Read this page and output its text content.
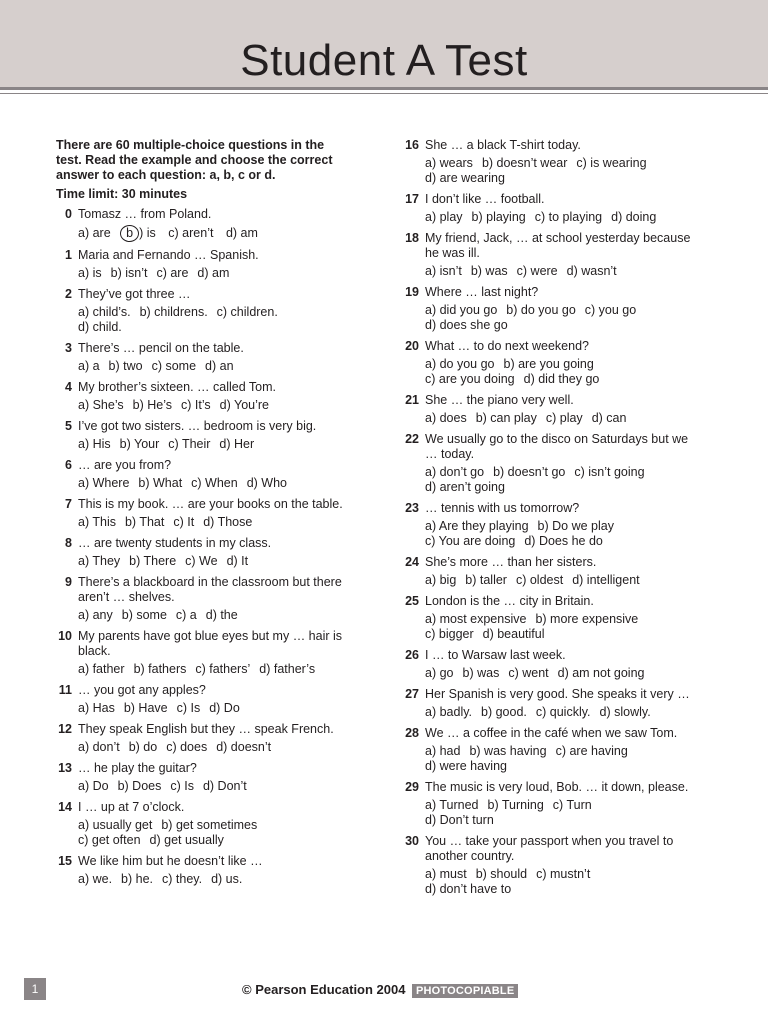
Student A Test

There are 60 multiple-choice questions in the test. Read the example and choose the correct answer to each question: a, b, c or d.

Time limit: 30 minutes

0 Tomasz … from Poland.
a) are b ) is c) aren’t d) am
1 Maria and Fernando … Spanish.
a) is b) isn’t c) are d) am
2 They’ve got three …
a) child’s. b) childrens. c) children.
d) child.
3 There’s … pencil on the table.
a) a b) two c) some d) an
4 My brother’s sixteen. … called Tom.
a) She’s b) He’s c) It’s d) You’re
5 I’ve got two sisters. … bedroom is very big.
a) His b) Your c) Their d) Her
6 … are you from?
a) Where b) What c) When d) Who
7 This is my book. … are your books on the table.
a) This b) That c) It d) Those
8 … are twenty students in my class.
a) They b) There c) We d) It
9 There’s a blackboard in the classroom but there aren’t … shelves.
a) any b) some c) a d) the
10 My parents have got blue eyes but my … hair is black.
a) father b) fathers c) fathers’ d) father’s
11 … you got any apples?
a) Has b) Have c) Is d) Do
12 They speak English but they … speak French.
a) don’t b) do c) does d) doesn’t
13 … he play the guitar?
a) Do b) Does c) Is d) Don’t
14 I … up at 7 o’clock.
a) usually get b) get sometimes
c) get often d) get usually
15 We like him but he doesn’t like …
a) we. b) he. c) they. d) us.
16 She … a black T-shirt today.
a) wears b) doesn’t wear c) is wearing
d) are wearing
17 I don’t like … football.
a) play b) playing c) to playing d) doing
18 My friend, Jack, … at school yesterday because he was ill.
a) isn’t b) was c) were d) wasn’t
19 Where … last night?
a) did you go b) do you go c) you go
d) does she go
20 What … to do next weekend?
a) do you go b) are you going
c) are you doing d) did they go
21 She … the piano very well.
a) does b) can play c) play d) can
22 We usually go to the disco on Saturdays but we … today.
a) don’t go b) doesn’t go c) isn’t going
d) aren’t going
23 … tennis with us tomorrow?
a) Are they playing b) Do we play
c) You are doing d) Does he do
24 She’s more … than her sisters.
a) big b) taller c) oldest d) intelligent
25 London is the … city in Britain.
a) most expensive b) more expensive
c) bigger d) beautiful
26 I … to Warsaw last week.
a) go b) was c) went d) am not going
27 Her Spanish is very good. She speaks it very …
a) badly. b) good. c) quickly. d) slowly.
28 We … a coffee in the café when we saw Tom.
a) had b) was having c) are having
d) were having
29 The music is very loud, Bob. … it down, please.
a) Turned b) Turning c) Turn
d) Don’t turn
30 You … take your passport when you travel to another country.
a) must b) should c) mustn’t
d) don’t have to
1	© Pearson Education 2004 PHOTOCOPIABLE
